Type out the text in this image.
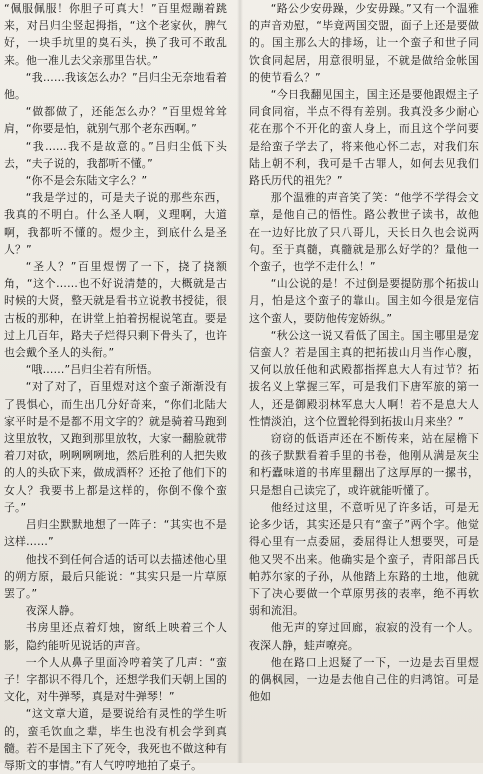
“佩服佩服！你胆子可真大！”百里煜蹦着跳来，对吕归尘竖起拇指，“这个老家伙，脾气好，一块手坑里的臭石头，换了我可不敢乱来。他一准儿去父亲那里告状。”

“我……我该怎么办？”吕归尘无奈地看着他。

“做都做了，还能怎么办？”百里煜耸耸肩，“你要是怕，就别气那个老东西啊。”

“我……我不是故意的。”吕归尘低下头去，“夫子说的，我都听不懂。”

“你不是会东陆文字么？”

“我是学过的，可是夫子说的那些东西，我真的不明白。什么圣人啊，义理啊，大道啊，我都听不懂的。煜少主，到底什么是圣人？”

“圣人？”百里煜愣了一下，挠了挠额角，“这个……也不好说清楚的，大概就是古时候的大贤，整天就是看书立说教书授徒，很古板的那种，在讲堂上拍着拐棍说笔直。要是过上几百年，路夫子烂得只剩下骨头了，也许也会戴个圣人的头衔。”

“哦……”吕归尘若有所悟。

“对了对了，百里煜对这个蛮子渐渐没有了畏惧心，而生出几分好奇来，“你们北陆大家平时是不是都不用文字的？就是骑着马跑到这里放牧，又跑到那里放牧，大家一翻脸就带着刀对砍，咧咧咧咧地，然后胜利的人把失败的人的头砍下来，做成酒杯？还抢了他们下的女人？我要书上都是这样的，你倒不像个蛮子。”

吕归尘默默地想了一阵子：“其实也不是这样……”

他找不到任何合适的话可以去描述他心里的朔方原，最后只能说：“其实只是一片草原罢了。”

夜深人静。

书房里还点着灯烛，窗纸上映着三个人影，隐约能听见说话的声音。

一个人从鼻子里面冷哼着笑了几声：“蛮子！字都识不得几个，还想学我们天朝上国的文化，对牛弹琴，真是对牛弹琴！”

“这文章大道，是要说给有灵性的学生听的，蛮毛饮血之辈，毕生也没有机会学到真髓。若不是国主下了死令，我死也不做这种有辱斯文的事情。”有人气哼哼地拍了桌子。

“路公少安毋躁，少安毋躁。”又有一个温雅的声音劝慰，“毕竟两国交盟，面子上还是要做的。国主那么大的排场，让一个蛮子和世子同饮食同起居，用意很明显，不就是做给金帐国的使节看么？”

“今日我翻见国主，国主还是要他跟煜主子同食同宿，半点不得有差别。我真没多少耐心花在那个不开化的蛮人身上，而且这个学问要是给蛮子学去了，将来他心怀二志，对我们东陆上朝不利，我可是千古罪人，如何去见我们路氏历代的祖先？”

那个温雅的声音笑了笑：“他学不学得会文章，是他自己的悟性。路公教世子读书，故他在一边好比放了只八哥儿，天长日久也会说两句。至于真髓，真髓就是那么好学的？量他一个蛮子，也学不走什么！”

“山公说的是！不过倒是要提防那个拓拔山月，怕是这个蛮子的靠山。国主如今很是宠信这个蛮人，要防他传宠娇纵。”

“秋公这一说又看低了国主。国主哪里是宠信蛮人？若是国主真的把拓拔山月当作心腹，又何以放任他和武殿都指挥息大人有过节？拓拔名义上掌握三军，可是我们下唐军旅的第一人，还是御殿羽林军息大人啊！若不是息大人性情淡泊，这个位置轮得到拓拔山月来坐？”

窃窃的低语声还在不断传来，站在屋檐下的孩子默默看着手里的书卷，他刚从满是灰尘和朽蠹味道的书库里翻出了这厚厚的一摞书，只是想自己读完了，或许就能听懂了。

他经过这里，不意听见了许多话，可是无论多少话，其实还是只有“蛮子”两个字。他觉得心里有一点委屈，委屈得让人想要哭，可是他又哭不出来。他确实是个蛮子，青阳部吕氏帕苏尔家的子孙，从他踏上东路的土地，他就下了决心要做一个草原男孩的表率，绝不再软弱和流泪。

他无声的穿过回廊，寂寂的没有一个人。夜深人静，蛙声嘹亮。

他在路口上迟疑了一下，一边是去百里煜的偶枫园，一边是去他自己住的归鸿馆。可是他如
